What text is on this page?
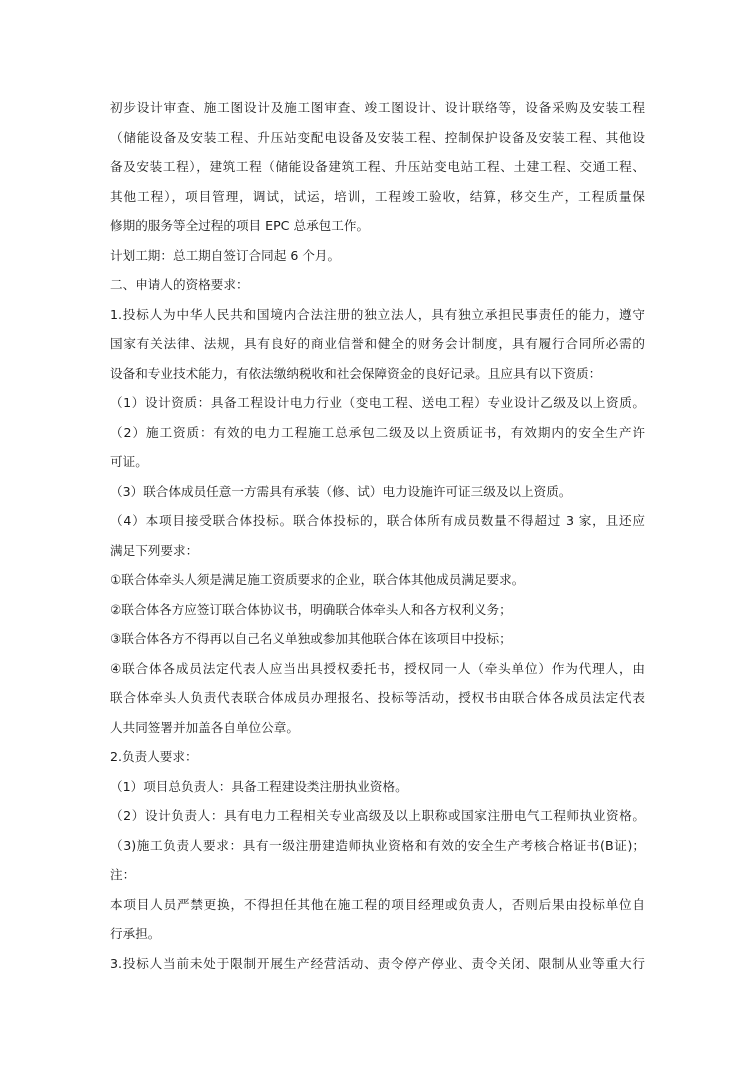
初步设计审查、施工图设计及施工图审查、竣工图设计、设计联络等，设备采购及安装工程
（储能设备及安装工程、升压站变配电设备及安装工程、控制保护设备及安装工程、其他设
备及安装工程），建筑工程（储能设备建筑工程、升压站变电站工程、土建工程、交通工程、
其他工程），项目管理，调试，试运，培训，工程竣工验收，结算，移交生产，工程质量保
修期的服务等全过程的项目 EPC 总承包工作。
计划工期：总工期自签订合同起 6 个月。
二、申请人的资格要求：
1.投标人为中华人民共和国境内合法注册的独立法人，具有独立承担民事责任的能力，遵守
国家有关法律、法规，具有良好的商业信誉和健全的财务会计制度，具有履行合同所必需的
设备和专业技术能力，有依法缴纳税收和社会保障资金的良好记录。且应具有以下资质：
（1）设计资质：具备工程设计电力行业（变电工程、送电工程）专业设计乙级及以上资质。
（2）施工资质：有效的电力工程施工总承包二级及以上资质证书，有效期内的安全生产许
可证。
（3）联合体成员任意一方需具有承装（修、试）电力设施许可证三级及以上资质。
（4）本项目接受联合体投标。联合体投标的，联合体所有成员数量不得超过 3 家，且还应
满足下列要求：
①联合体牵头人须是满足施工资质要求的企业，联合体其他成员满足要求。
②联合体各方应签订联合体协议书，明确联合体牵头人和各方权利义务；
③联合体各方不得再以自己名义单独或参加其他联合体在该项目中投标；
④联合体各成员法定代表人应当出具授权委托书，授权同一人（牵头单位）作为代理人，由
联合体牵头人负责代表联合体成员办理报名、投标等活动，授权书由联合体各成员法定代表
人共同签署并加盖各自单位公章。
2.负责人要求：
（1）项目总负责人：具备工程建设类注册执业资格。
（2）设计负责人：具有电力工程相关专业高级及以上职称或国家注册电气工程师执业资格。
（3)施工负责人要求：具有一级注册建造师执业资格和有效的安全生产考核合格证书(B证)；
注：
本项目人员严禁更换，不得担任其他在施工程的项目经理或负责人，否则后果由投标单位自
行承担。
3.投标人当前未处于限制开展生产经营活动、责令停产停业、责令关闭、限制从业等重大行
